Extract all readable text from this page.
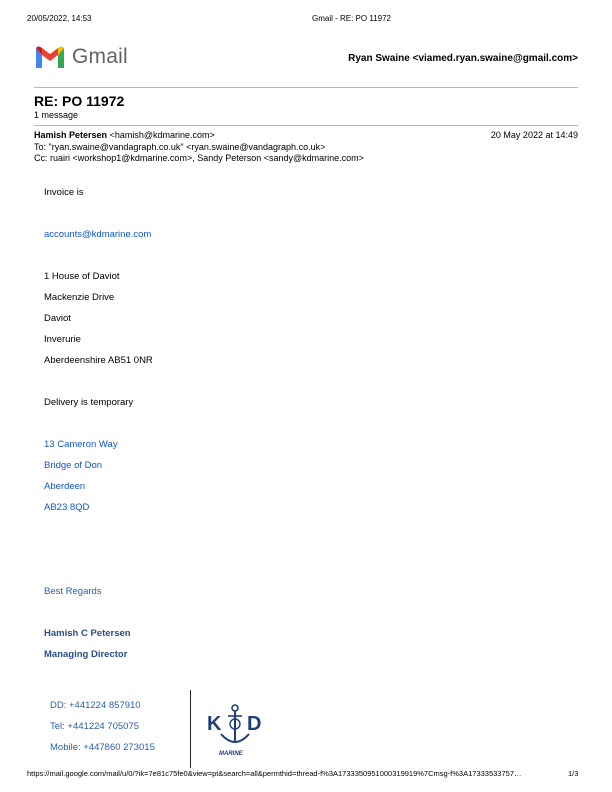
20/05/2022, 14:53	Gmail - RE: PO 11972
Gmail	Ryan Swaine <viamed.ryan.swaine@gmail.com>
RE: PO 11972
1 message
Hamish Petersen <hamish@kdmarine.com>	20 May 2022 at 14:49
To: "ryan.swaine@vandagraph.co.uk" <ryan.swaine@vandagraph.co.uk>
Cc: ruairi <workshop1@kdmarine.com>, Sandy Peterson <sandy@kdmarine.com>
Invoice is
accounts@kdmarine.com
1 House of Daviot
Mackenzie Drive
Daviot
Inverurie
Aberdeenshire AB51 0NR
Delivery is temporary
13 Cameron Way
Bridge of Don
Aberdeen
AB23 8QD
Best Regards
Hamish C Petersen
Managing Director
DD: +441224 857910
Tel: +441224 705075
Mobile: +447860 273015
K D
MARINE
https://mail.google.com/mail/u/0/?ik=7e81c75fe0&view=pt&search=all&permthid=thread-f%3A1733350951000319919%7Cmsg-f%3A17333533757…	1/3
